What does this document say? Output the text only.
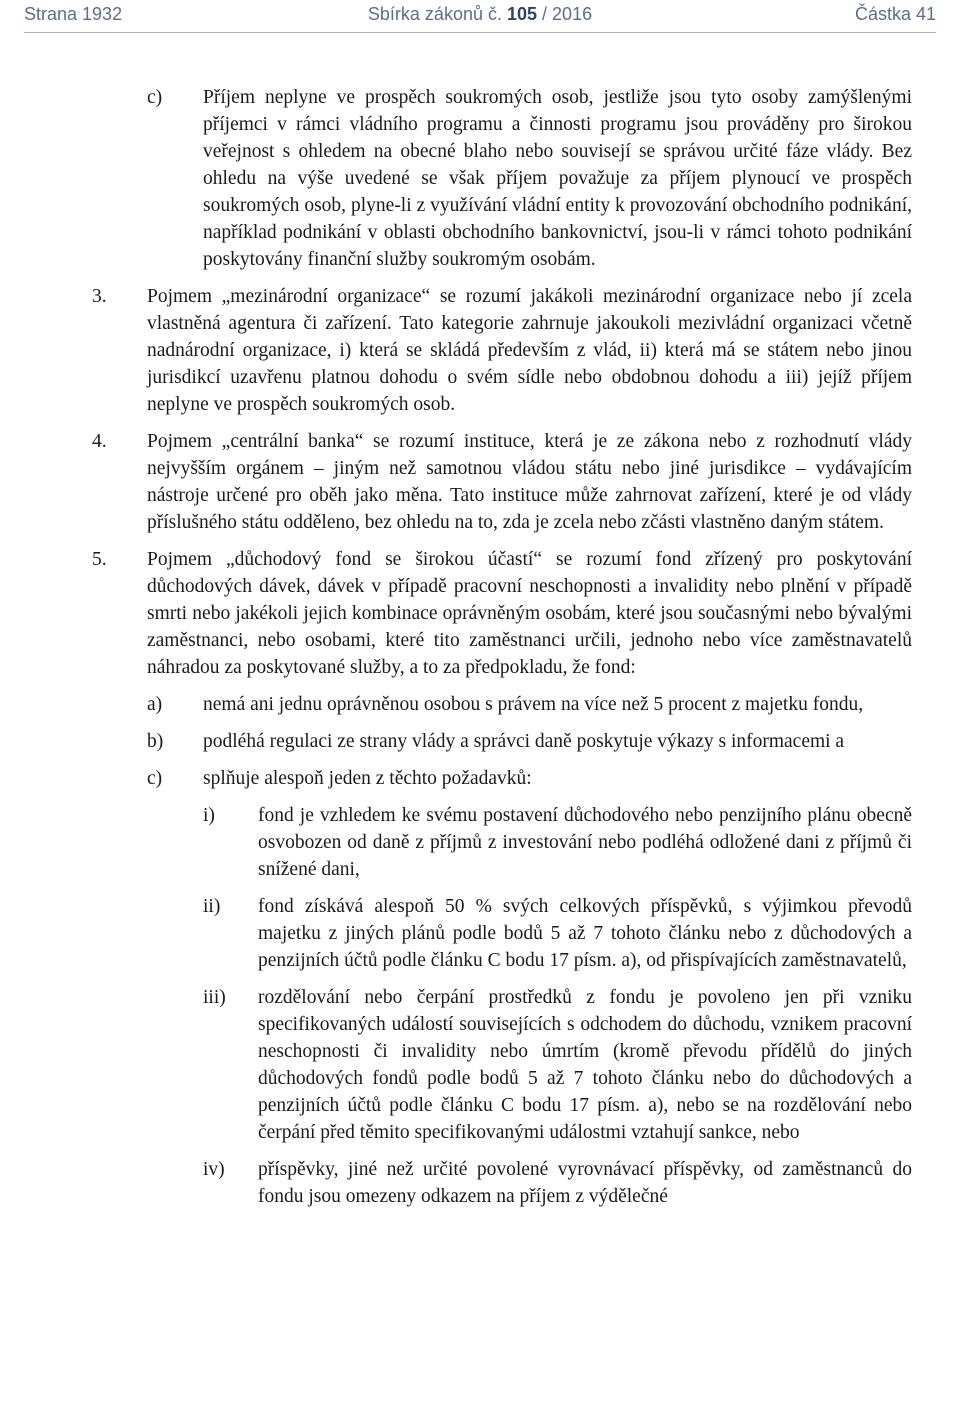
Strana 1932	Sbírka zákonů č. 105 / 2016	Částka 41
c) Příjem neplyne ve prospěch soukromých osob, jestliže jsou tyto osoby zamýšlenými příjemci v rámci vládního programu a činnosti programu jsou prováděny pro širokou veřejnost s ohledem na obecné blaho nebo souvisejí se správou určité fáze vlády. Bez ohledu na výše uvedené se však příjem považuje za příjem plynoucí ve prospěch soukromých osob, plyne-li z využívání vládní entity k provozování obchodního podnikání, například podnikání v oblasti obchodního bankovnictví, jsou-li v rámci tohoto podnikání poskytovány finanční služby soukromým osobám.
3. Pojmem „mezinárodní organizace“ se rozumí jakákoli mezinárodní organizace nebo jí zcela vlastněná agentura či zařízení. Tato kategorie zahrnuje jakoukoli mezivládní organizaci včetně nadnárodní organizace, i) která se skládá především z vlád, ii) která má se státem nebo jinou jurisdikcí uzavřenu platnou dohodu o svém sídle nebo obdobnou dohodu a iii) jejíž příjem neplyne ve prospěch soukromých osob.
4. Pojmem „centrální banka“ se rozumí instituce, která je ze zákona nebo z rozhodnutí vlády nejvyšším orgánem – jiným než samotnou vládou státu nebo jiné jurisdikce – vydávajícím nástroje určené pro oběh jako měna. Tato instituce může zahrnovat zařízení, které je od vlády příslušného státu odděleno, bez ohledu na to, zda je zcela nebo zčásti vlastněno daným státem.
5. Pojmem „důchodový fond se širokou účastí“ se rozumí fond zřízený pro poskytování důchodových dávek, dávek v případě pracovní neschopnosti a invalidity nebo plnění v případě smrti nebo jakékoli jejich kombinace oprávněným osobám, které jsou současnými nebo bývalými zaměstnanci, nebo osobami, které tito zaměstnanci určili, jednoho nebo více zaměstnavatelů náhradou za poskytované služby, a to za předpokladu, že fond:
a) nemá ani jednu oprávněnou osobou s právem na více než 5 procent z majetku fondu,
b) podléhá regulaci ze strany vlády a správci daně poskytuje výkazy s informacemi a
c) splňuje alespoň jeden z těchto požadavků:
i) fond je vzhledem ke svému postavení důchodového nebo penzijního plánu obecně osvobozen od daně z příjmů z investování nebo podléhá odložené dani z příjmů či snížené dani,
ii) fond získává alespoň 50 % svých celkových příspěvků, s výjimkou převodů majetku z jiných plánů podle bodů 5 až 7 tohoto článku nebo z důchodových a penzijních účtů podle článku C bodu 17 písm. a), od přispívajících zaměstnavatelů,
iii) rozdělování nebo čerpání prostředků z fondu je povoleno jen při vzniku specifikovaných událostí souvisejících s odchodem do důchodu, vznikem pracovní neschopnosti či invalidity nebo úmrtím (kromě převodu přídělů do jiných důchodových fondů podle bodů 5 až 7 tohoto článku nebo do důchodových a penzijních účtů podle článku C bodu 17 písm. a), nebo se na rozdělování nebo čerpání před těmito specifikovanými událostmi vztahují sankce, nebo
iv) příspěvky, jiné než určité povolené vyrovnávací příspěvky, od zaměstnanců do fondu jsou omezeny odkazem na příjem z výdělečné
